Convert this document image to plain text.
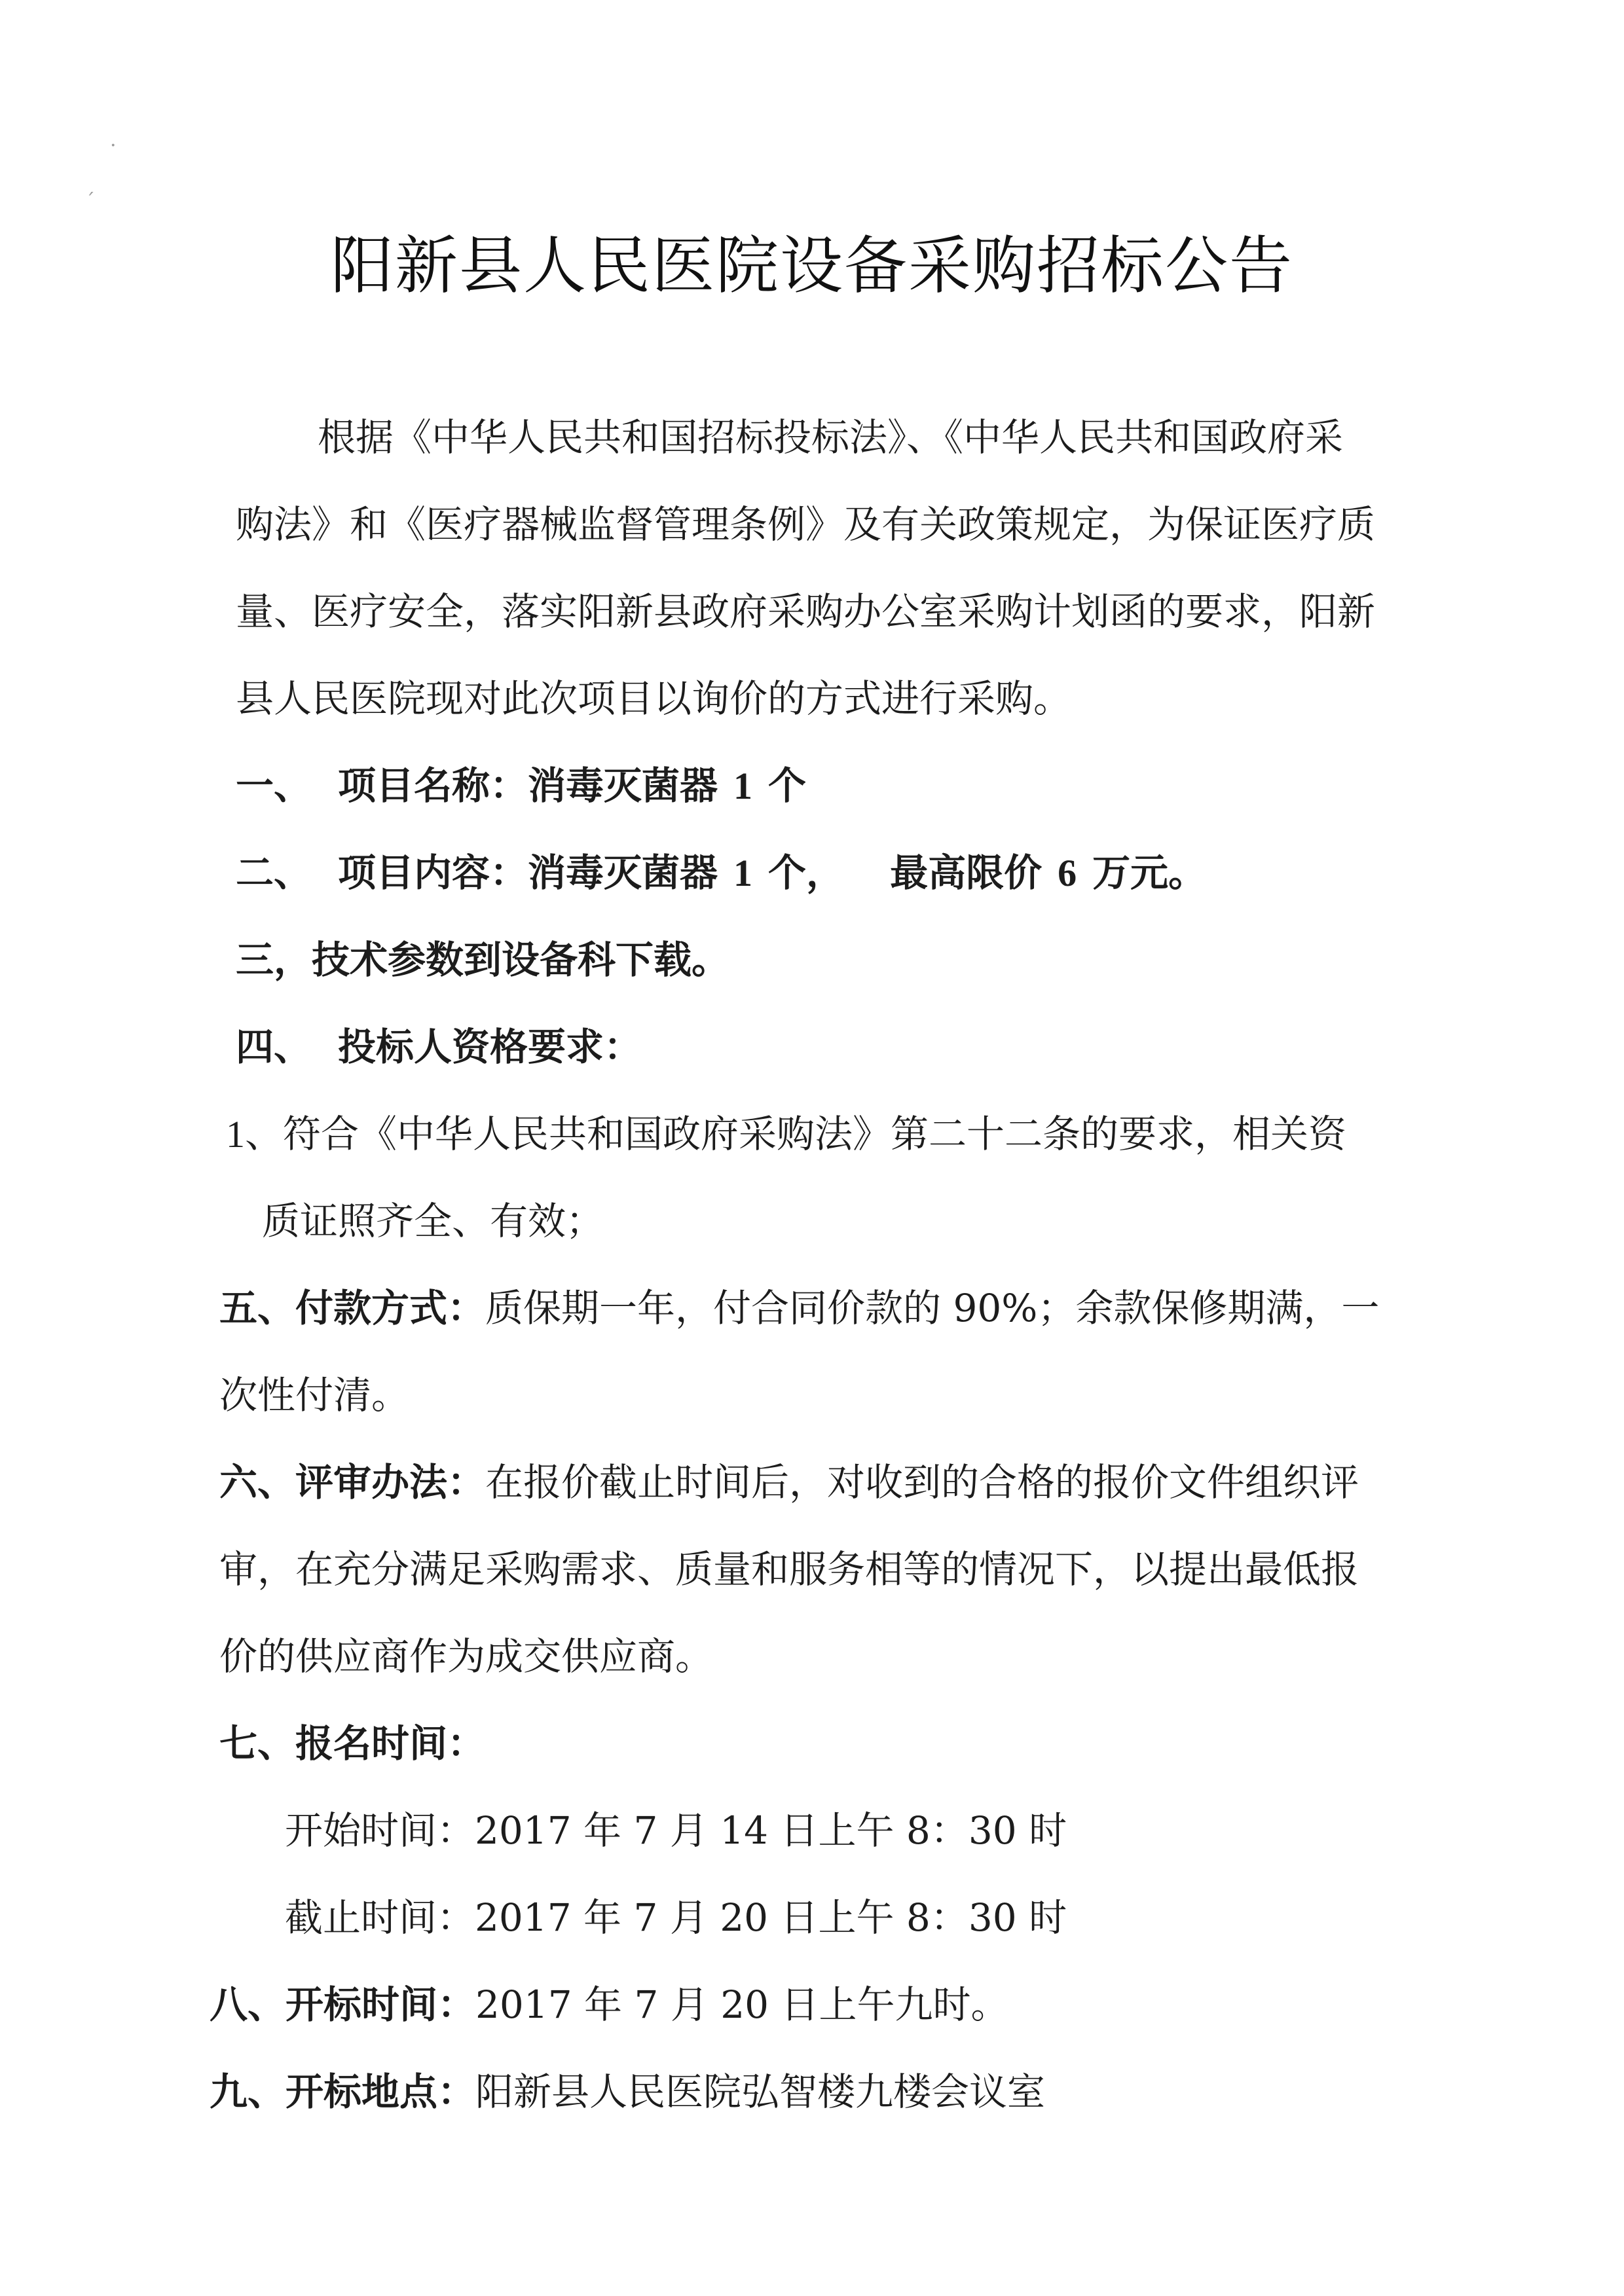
·
ˊ
阳新县人民医院设备采购招标公告
根据《中华人民共和国招标投标法》、《中华人民共和国政府采
购法》和《医疗器械监督管理条例》及有关政策规定，为保证医疗质
量、医疗安全，落实阳新县政府采购办公室采购计划函的要求，阳新
县人民医院现对此次项目以询价的方式进行采购。
一、 项目名称：消毒灭菌器 1 个
二、 项目内容：消毒灭菌器 1 个， 最高限价 6 万元。
三，技术参数到设备科下载。
四、 投标人资格要求：
1、符合《中华人民共和国政府采购法》第二十二条的要求，相关资
质证照齐全、有效；
五、付款方式：质保期一年，付合同价款的 90%；余款保修期满，一
次性付清。
六、评审办法：在报价截止时间后，对收到的合格的报价文件组织评
审，在充分满足采购需求、质量和服务相等的情况下，以提出最低报
价的供应商作为成交供应商。
七、报名时间：
开始时间：2017 年 7 月 14 日上午 8：30 时
截止时间：2017 年 7 月 20 日上午 8：30 时
八、开标时间：2017 年 7 月 20 日上午九时。
九、开标地点：阳新县人民医院弘智楼九楼会议室
